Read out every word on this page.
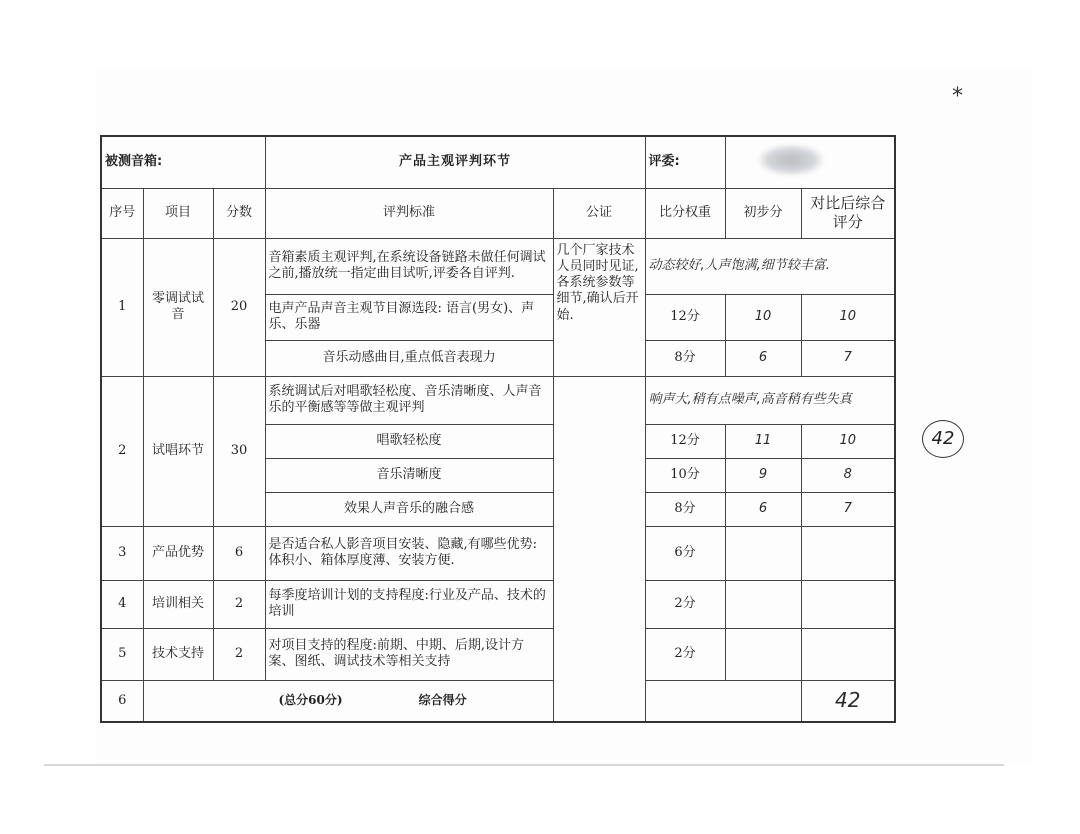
*
42
被测音箱:			产品主观评判环节		评委:		
序号	项目	分数	评判标准	公证	比分权重	初步分	对比后综合评分
1	零调试试音	20	音箱素质主观评判,在系统设备链路未做任何调试之前,播放统一指定曲目试听,评委各自评判.	几个厂家技术人员同时见证,各系统参数等细节,确认后开始.	动态较好,人声饱满,细节较丰富.		
			电声产品声音主观节目源选段: 语言(男女)、声乐、乐器		12分	10	10
			音乐动感曲目,重点低音表现力		8分	6	7
2	试唱环节	30	系统调试后对唱歌轻松度、音乐清晰度、人声音乐的平衡感等等做主观评判		响声大,稍有点噪声,高音稍有些失真		
			唱歌轻松度		12分	11	10
			音乐清晰度		10分	9	8
			效果人声音乐的融合感		8分	6	7
3	产品优势	6	是否适合私人影音项目安装、隐藏,有哪些优势:体积小、箱体厚度薄、安装方便.		6分		
4	培训相关	2	每季度培训计划的支持程度:行业及产品、技术的培训		2分		
5	技术支持	2	对项目支持的程度:前期、中期、后期,设计方案、图纸、调试技术等相关支持		2分		
6	(总分60分) 综合得分						42
